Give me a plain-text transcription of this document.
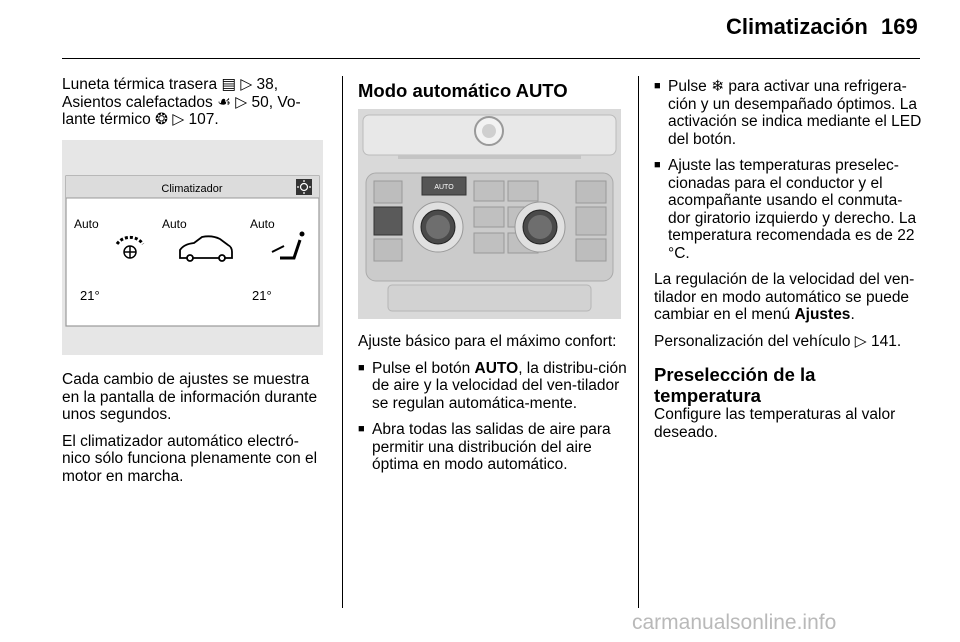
Climatización 169
Luneta térmica trasera ▤ ▷ 38,
Asientos calefactados ☙ ▷ 50, Vo-
lante térmico ❂ ▷ 107.
Climatizador
Auto	Auto	Auto
21°	21°

Cada cambio de ajustes se muestra en la pantalla de información durante unos segundos.

El climatizador automático electró-nico sólo funciona plenamente con el motor en marcha.

Modo automático AUTO
AUTO

Ajuste básico para el máximo confort:

■ Pulse el botón AUTO, la distribu-ción de aire y la velocidad del ven-tilador se regulan automática-mente.
■ Abra todas las salidas de aire para permitir una distribución del aire óptima en modo automático.
■ Pulse ❄ para activar una refrigera-ción y un desempañado óptimos. La activación se indica mediante el LED del botón.
■ Ajuste las temperaturas preselec-cionadas para el conductor y el acompañante usando el conmuta-dor giratorio izquierdo y derecho. La temperatura recomendada es de 22 °C.

La regulación de la velocidad del ven-tilador en modo automático se puede cambiar en el menú Ajustes.

Personalización del vehículo ▷ 141.

Preselección de la temperatura

Configure las temperaturas al valor deseado.

carmanualsonline.info
